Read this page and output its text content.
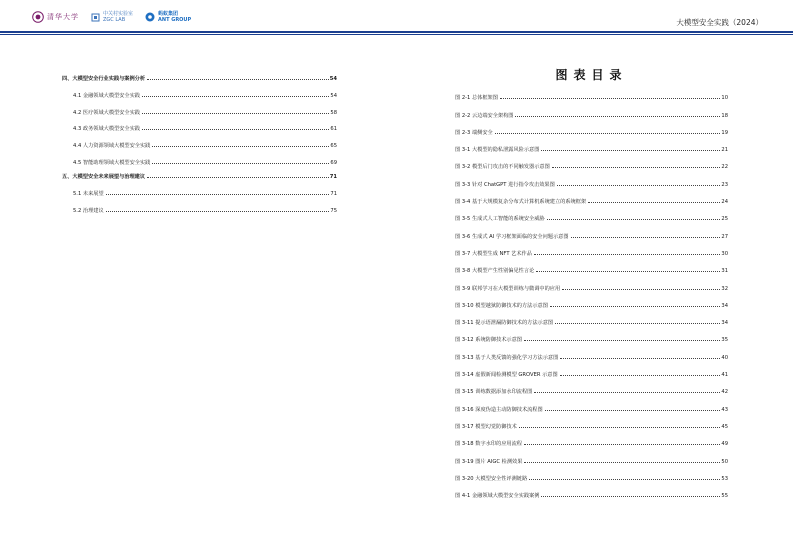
清华大学	中关村实验室
ZGC LAB
蚂蚁集团
ANT GROUP	大模型安全实践（2024）
四、大模型安全行业实践与案例分析	54
4.1 金融领域大模型安全实践	54
4.2 医疗领域大模型安全实践	58
4.3 政务领域大模型安全实践	61
4.4 人力资源领域大模型安全实践	65
4.5 智能助理领域大模型安全实践	69
五、大模型安全未来展望与治理建议	71
5.1 未来展望	71
5.2 治理建议	75
图表目录
图 2-1 总体框架图	10
图 2-2 云边端安全架构图	18
图 2-3 端侧安全	19
图 3-1 大模型的隐私泄露风险示意图	21
图 3-2 模型后门攻击的不同触发器示意图	22
图 3-3 针对 ChatGPT 进行指令攻击效果图	23
图 3-4 基于大规模复杂分布式计算机系统建立的系统框架	24
图 3-5 生成式人工智能的系统安全威胁	25
图 3-6 生成式 AI 学习框架面临的安全问题示意图	27
图 3-7 大模型生成 NFT 艺术作品	30
图 3-8 大模型产生性别偏见性言论	31
图 3-9 联邦学习在大模型训练与微调中的应用	32
图 3-10 模型越狱防御技术的方法示意图	34
图 3-11 提示语泄漏防御技术的方法示意图	34
图 3-12 系统防御技术示意图	35
图 3-13 基于人类反馈的强化学习方法示意图	40
图 3-14 虚假新闻检测模型 GROVER 示意图	41
图 3-15 训练数据添加水印流程图	42
图 3-16 深度伪造主动防御技术流程图	43
图 3-17 模型幻觉防御技术	45
图 3-18 数字水印的应用流程	49
图 3-19 图片 AIGC 检测效果	50
图 3-20 大模型安全性评测链路	53
图 4-1 金融领域大模型安全实践案例	55
